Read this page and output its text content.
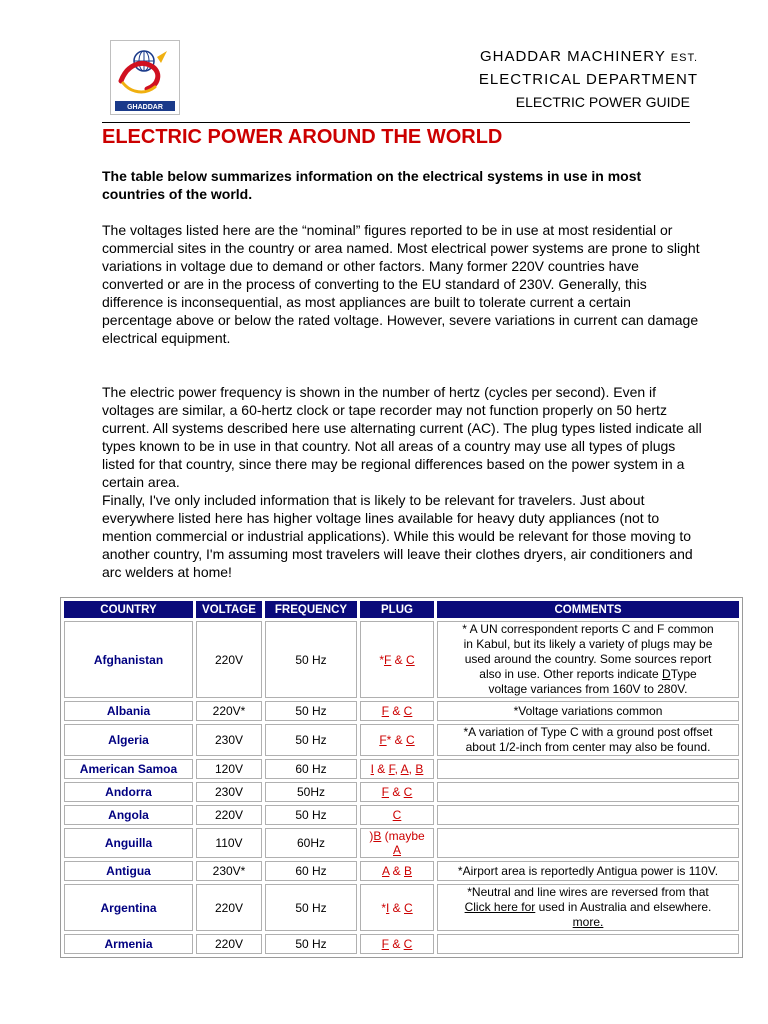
GHADDAR
GHADDAR MACHINERY EST.
ELECTRICAL DEPARTMENT
ELECTRIC POWER GUIDE
ELECTRIC POWER AROUND THE WORLD

The table below summarizes information on the electrical systems in use in most countries of the world.

The voltages listed here are the “nominal” figures reported to be in use at most residential or commercial sites in the country or area named. Most electrical power systems are prone to slight variations in voltage due to demand or other factors. Many former 220V countries have converted or are in the process of converting to the EU standard of 230V. Generally, this difference is inconsequential, as most appliances are built to tolerate current a certain percentage above or below the rated voltage. However, severe variations in current can damage electrical equipment.

The electric power frequency is shown in the number of hertz (cycles per second). Even if voltages are similar, a 60-hertz clock or tape recorder may not function properly on 50 hertz current. All systems described here use alternating current (AC). The plug types listed indicate all types known to be in use in that country. Not all areas of a country may use all types of plugs listed for that country, since there may be regional differences based on the power system in a certain area.

Finally, I've only included information that is likely to be relevant for travelers. Just about everywhere listed here has higher voltage lines available for heavy duty appliances (not to mention commercial or industrial applications). While this would be relevant for those moving to another country, I'm assuming most travelers will leave their clothes dryers, air conditioners and arc welders at home!

COUNTRY	VOLTAGE	FREQUENCY	PLUG	COMMENTS
Afghanistan	220V	50 Hz	*F & C	* A UN correspondent reports C and F common
in Kabul, but its likely a variety of plugs may be
used around the country. Some sources report
also in use. Other reports indicate DType
voltage variances from 160V to 280V.

Albania	220V*	50 Hz	F & C	*Voltage variations common
Algeria	230V	50 Hz	F* & C	*A variation of Type C with a ground post offset
about 1/2-inch from center may also be found.

American Samoa	120V	60 Hz	I & F, A, B	
Andorra	230V	50Hz	F & C	
Angola	220V	50 Hz	C	
Anguilla	110V	60Hz	)B (maybe A	
Antigua	230V*	60 Hz	A & B	*Airport area is reportedly Antigua power is 110V.
Argentina	220V	50 Hz	*I & C	*Neutral and line wires are reversed from that
Click here for used in Australia and elsewhere.
more.

Armenia	220V	50 Hz	F & C	
